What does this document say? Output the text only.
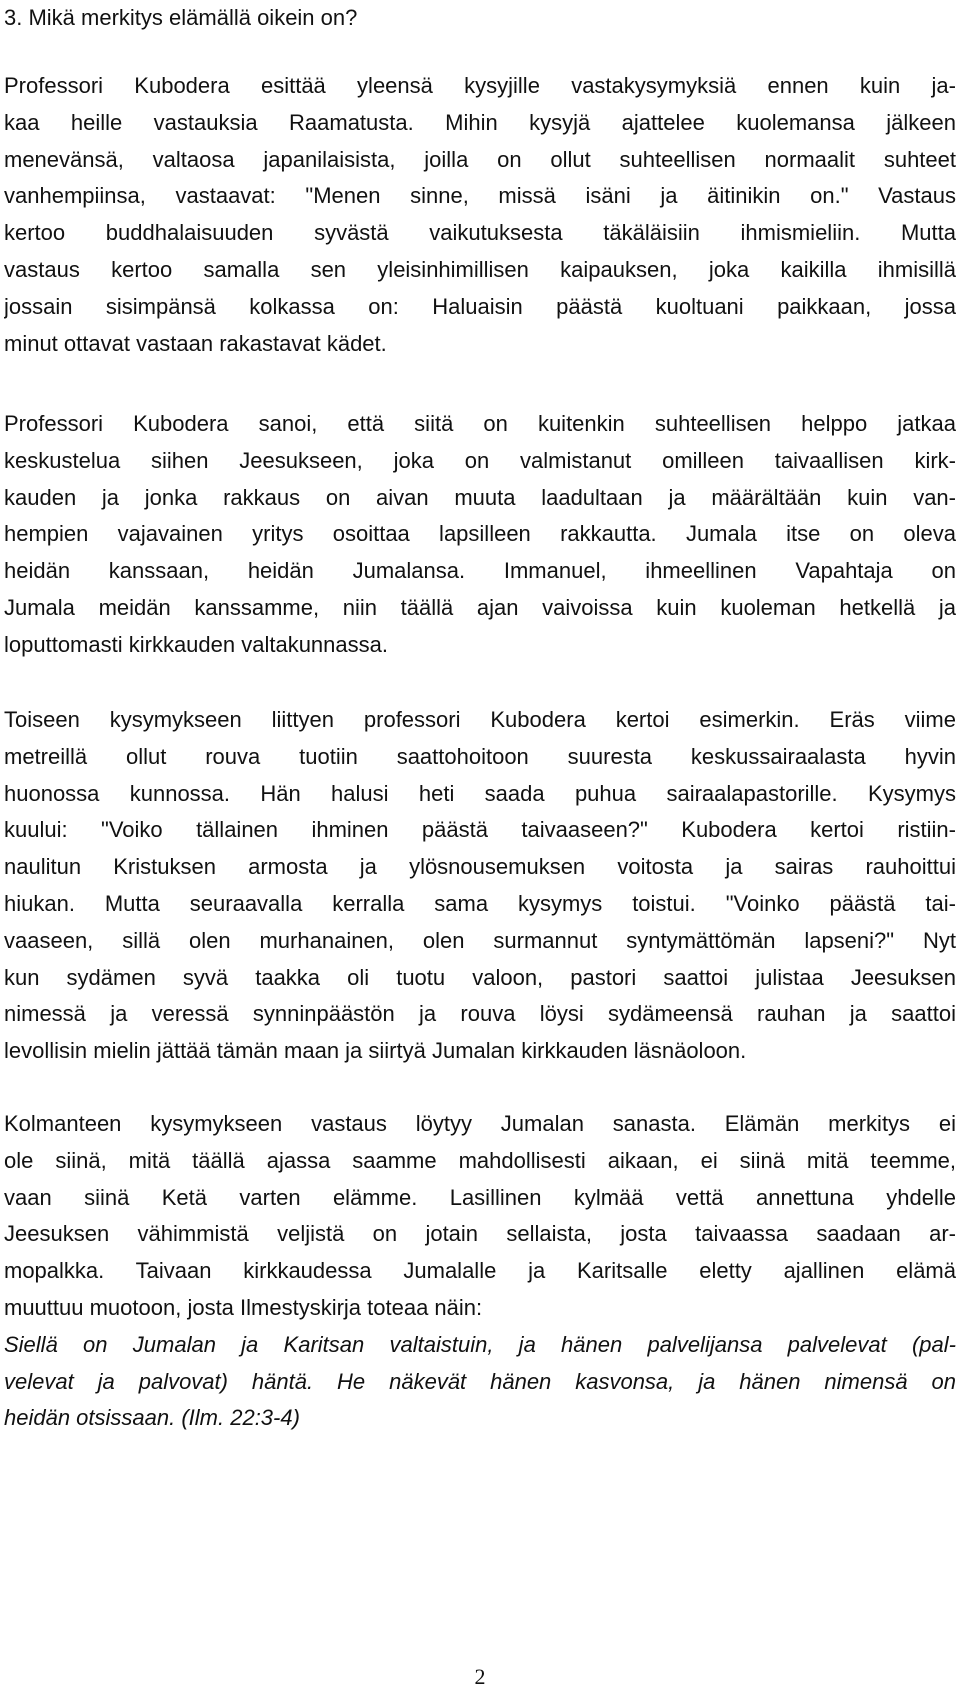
3. Mikä merkitys elämällä oikein on?

Professori Kubodera esittää yleensä kysyjille vastakysymyksiä ennen kuin ja-
kaa heille vastauksia Raamatusta. Mihin kysyjä ajattelee kuolemansa jälkeen
menevänsä, valtaosa japanilaisista, joilla on ollut suhteellisen normaalit suhteet
vanhempiinsa, vastaavat: "Menen sinne, missä isäni ja äitinikin on." Vastaus
kertoo buddhalaisuuden syvästä vaikutuksesta täkäläisiin ihmismieliin. Mutta
vastaus kertoo samalla sen yleisinhimillisen kaipauksen, joka kaikilla ihmisillä
jossain sisimpänsä kolkassa on: Haluaisin päästä kuoltuani paikkaan, jossa
minut ottavat vastaan rakastavat kädet.

Professori Kubodera sanoi, että siitä on kuitenkin suhteellisen helppo jatkaa
keskustelua siihen Jeesukseen, joka on valmistanut omilleen taivaallisen kirk-
kauden ja jonka rakkaus on aivan muuta laadultaan ja määrältään kuin van-
hempien vajavainen yritys osoittaa lapsilleen rakkautta. Jumala itse on oleva
heidän kanssaan, heidän Jumalansa. Immanuel, ihmeellinen Vapahtaja on
Jumala meidän kanssamme, niin täällä ajan vaivoissa kuin kuoleman hetkellä ja
loputtomasti kirkkauden valtakunnassa.

Toiseen kysymykseen liittyen professori Kubodera kertoi esimerkin. Eräs viime
metreillä ollut rouva tuotiin saattohoitoon suuresta keskussairaalasta hyvin
huonossa kunnossa. Hän halusi heti saada puhua sairaalapastorille. Kysymys
kuului: "Voiko tällainen ihminen päästä taivaaseen?" Kubodera kertoi ristiin-
naulitun Kristuksen armosta ja ylösnousemuksen voitosta ja sairas rauhoittui
hiukan. Mutta seuraavalla kerralla sama kysymys toistui. "Voinko päästä tai-
vaaseen, sillä olen murhanainen, olen surmannut syntymättömän lapseni?" Nyt
kun sydämen syvä taakka oli tuotu valoon, pastori saattoi julistaa Jeesuksen
nimessä ja veressä synninpäästön ja rouva löysi sydämeensä rauhan ja saattoi
levollisin mielin jättää tämän maan ja siirtyä Jumalan kirkkauden läsnäoloon.

Kolmanteen kysymykseen vastaus löytyy Jumalan sanasta. Elämän merkitys ei
ole siinä, mitä täällä ajassa saamme mahdollisesti aikaan, ei siinä mitä teemme,
vaan siinä Ketä varten elämme. Lasillinen kylmää vettä annettuna yhdelle
Jeesuksen vähimmistä veljistä on jotain sellaista, josta taivaassa saadaan ar-
mopalkka. Taivaan kirkkaudessa Jumalalle ja Karitsalle eletty ajallinen elämä
muuttuu muotoon, josta Ilmestyskirja toteaa näin:
Siellä on Jumalan ja Karitsan valtaistuin, ja hänen palvelijansa palvelevat (pal-
velevat ja palvovat) häntä. He näkevät hänen kasvonsa, ja hänen nimensä on
heidän otsissaan. (Ilm. 22:3-4)

2
